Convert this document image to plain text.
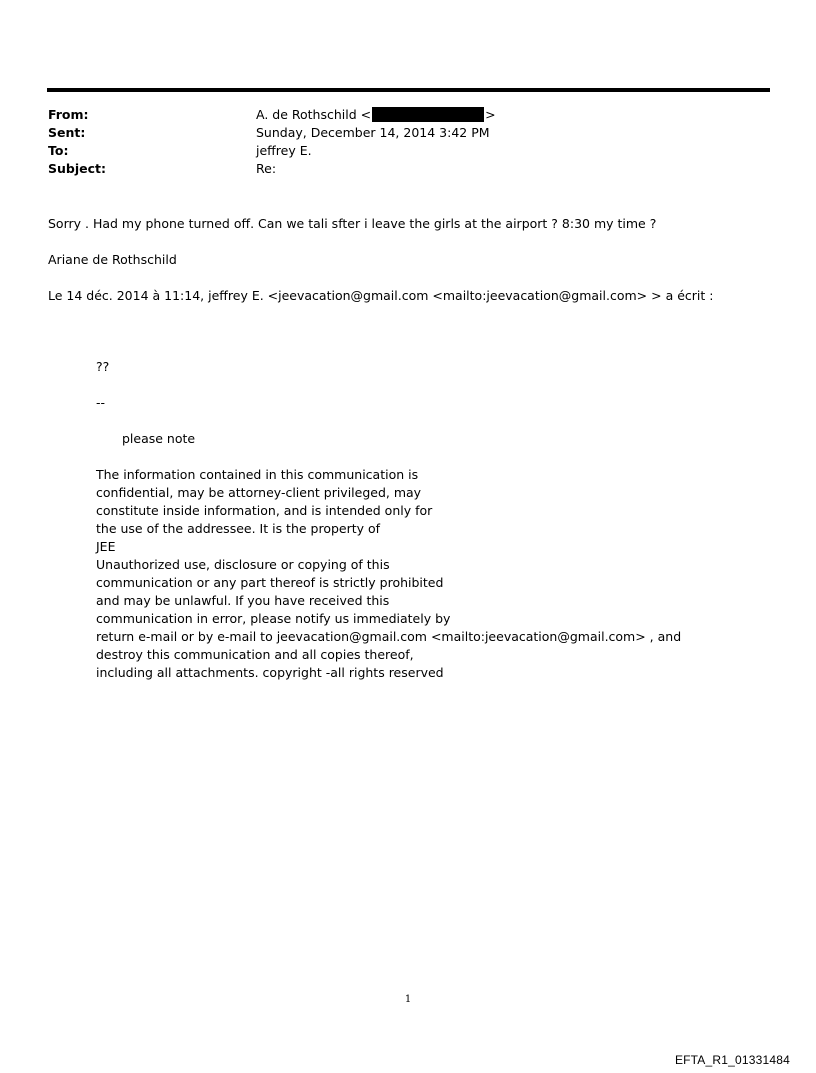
From:	A. de Rothschild <	>
Sent:	Sunday, December 14, 2014 3:42 PM
To:	jeffrey E.
Subject:	Re:
Sorry . Had my phone turned off. Can we tali sfter i leave the girls at the airport ? 8:30 my time ?
Ariane de Rothschild
Le 14 déc. 2014 à 11:14, jeffrey E. <jeevacation@gmail.com <mailto:jeevacation@gmail.com> > a écrit :
??
--
please note
The information contained in this communication is
confidential, may be attorney-client privileged, may
constitute inside information, and is intended only for
the use of the addressee. It is the property of
JEE
Unauthorized use, disclosure or copying of this
communication or any part thereof is strictly prohibited
and may be unlawful. If you have received this
communication in error, please notify us immediately by
return e-mail or by e-mail to jeevacation@gmail.com <mailto:jeevacation@gmail.com> , and
destroy this communication and all copies thereof,
including all attachments. copyright -all rights reserved
1
EFTA_R1_01331484
